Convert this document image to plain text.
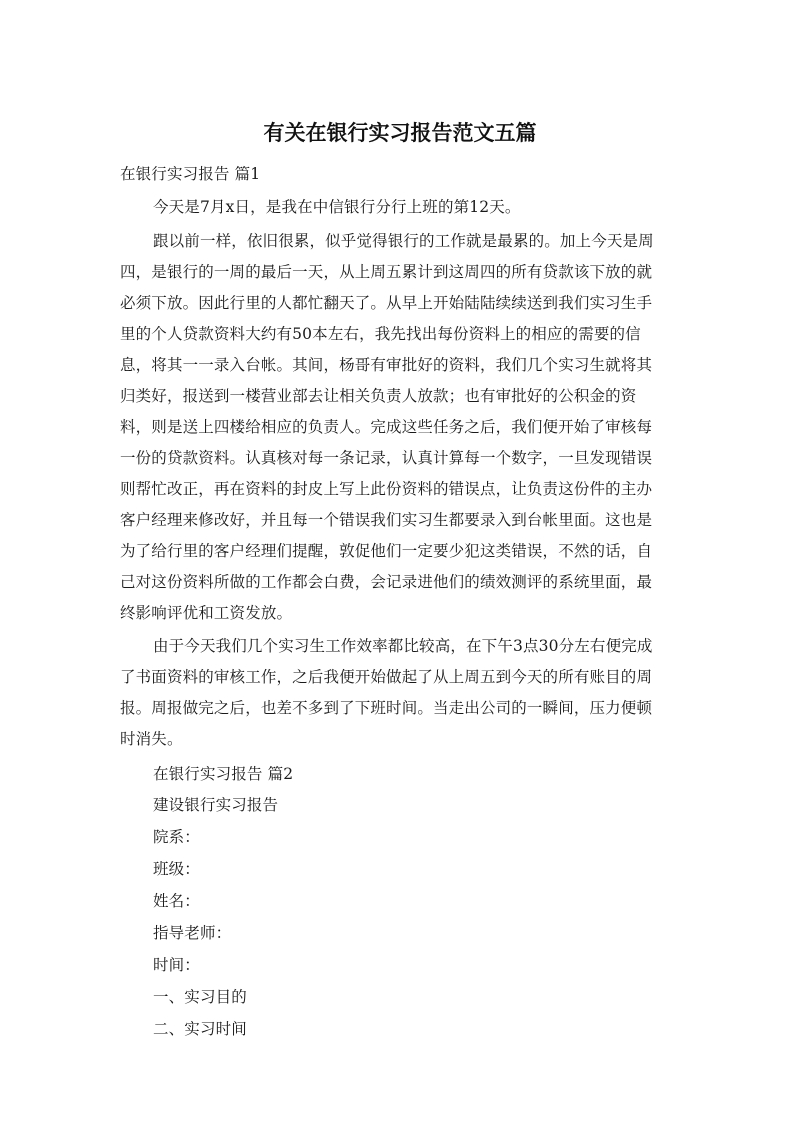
有关在银行实习报告范文五篇
在银行实习报告 篇1
今天是7月x日，是我在中信银行分行上班的第12天。
跟以前一样，依旧很累，似乎觉得银行的工作就是最累的。加上今天是周
四，是银行的一周的最后一天，从上周五累计到这周四的所有贷款该下放的就
必须下放。因此行里的人都忙翻天了。从早上开始陆陆续续送到我们实习生手
里的个人贷款资料大约有50本左右，我先找出每份资料上的相应的需要的信
息，将其一一录入台帐。其间，杨哥有审批好的资料，我们几个实习生就将其
归类好，报送到一楼营业部去让相关负责人放款；也有审批好的公积金的资
料，则是送上四楼给相应的负责人。完成这些任务之后，我们便开始了审核每
一份的贷款资料。认真核对每一条记录，认真计算每一个数字，一旦发现错误
则帮忙改正，再在资料的封皮上写上此份资料的错误点，让负责这份件的主办
客户经理来修改好，并且每一个错误我们实习生都要录入到台帐里面。这也是
为了给行里的客户经理们提醒，敦促他们一定要少犯这类错误，不然的话，自
己对这份资料所做的工作都会白费，会记录进他们的绩效测评的系统里面，最
终影响评优和工资发放。
由于今天我们几个实习生工作效率都比较高，在下午3点30分左右便完成
了书面资料的审核工作，之后我便开始做起了从上周五到今天的所有账目的周
报。周报做完之后，也差不多到了下班时间。当走出公司的一瞬间，压力便顿
时消失。
在银行实习报告 篇2
建设银行实习报告
院系：
班级：
姓名：
指导老师：
时间：
一、实习目的
二、实习时间
